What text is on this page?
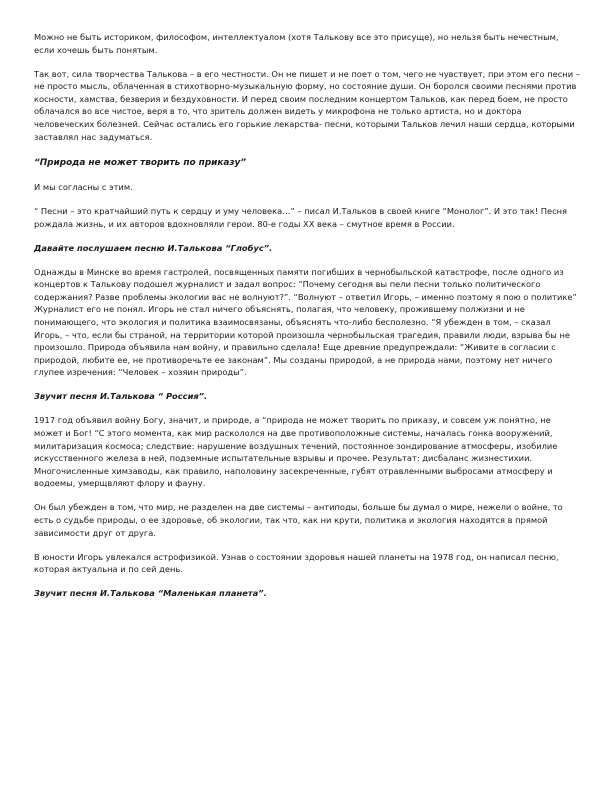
Можно не быть историком, философом, интеллектуалом (хотя Талькову все это присуще), но нельзя быть нечестным, если хочешь быть понятым.

Так вот, сила творчества Талькова – в его честности. Он не пишет и не поет о том, чего не чувствует, при этом его песни – не просто мысль, облаченная в стихотворно-музыкальную форму, но состояние души. Он боролся своими песнями против косности, хамства, безверия и бездуховности. И перед своим последним концертом Тальков, как перед боем, не просто облачался во все чистое, веря в то, что зритель должен видеть у микрофона не только артиста, но и доктора человеческих болезней. Сейчас остались его горькие лекарства- песни, которыми Тальков лечил наши сердца, которыми заставлял нас задуматься.

“Природа не может творить по приказу”

И мы согласны с этим.

“ Песни – это кратчайший путь к сердцу и уму человека…” – писал И.Тальков в своей книге “Монолог”. И это так! Песня рождала жизнь, и их авторов вдохновляли герои. 80-е годы ХХ века – смутное время в России.

Давайте послушаем песню И.Талькова “Глобус”.

Однажды в Минске во время гастролей, посвященных памяти погибших в чернобыльской катастрофе, после одного из концертов к Талькову подошел журналист и задал вопрос: “Почему сегодня вы пели песни только политического содержания? Разве проблемы экологии вас не волнуют?”. “Волнуют – ответил Игорь, – именно поэтому я пою о политике” Журналист его не понял. Игорь не стал ничего объяснять, полагая, что человеку, прожившему полжизни и не понимающего, что экология и политика взаимосвязаны, объяснять что-либо бесполезно. “Я убежден в том, – сказал Игорь, – что, если бы страной, на территории которой произошла чернобыльская трагедия, правили люди, взрыва бы не произошло. Природа объявила нам войну, и правильно сделала! Еще древние предупреждали: “Живите в согласии с природой, любите ее, не противоречьте ее законам”. Мы созданы природой, а не природа нами, поэтому нет ничего глупее изречения: “Человек – хозяин природы”.

Звучит песня И.Талькова “ Россия”.

1917 год объявил войну Богу, значит, и природе, а “природа не может творить по приказу, и совсем уж понятно, не может и Бог! “С этого момента, как мир раскололся на две противоположные системы, началась гонка вооружений, милитаризация космоса; следствие: нарушение воздушных течений, постоянное зондирование атмосферы, изобилие искусственного железа в ней, подземные испытательные взрывы и прочее. Результат: дисбаланс жизнестихии. Многочисленные химзаводы, как правило, наполовину засекреченные, губят отравленными выбросами атмосферу и водоемы, умерщвляют флору и фауну.

Он был убежден в том, что мир, не разделен на две системы – антиподы, больше бы думал о мире, нежели о войне, то есть о судьбе природы, о ее здоровье, об экологии, так что, как ни крути, политика и экология находятся в прямой зависимости друг от друга.

В юности Игорь увлекался астрофизикой. Узнав о состоянии здоровья нашей планеты на 1978 год, он написал песню, которая актуальна и по сей день.

Звучит песня И.Талькова “Маленькая планета”.
